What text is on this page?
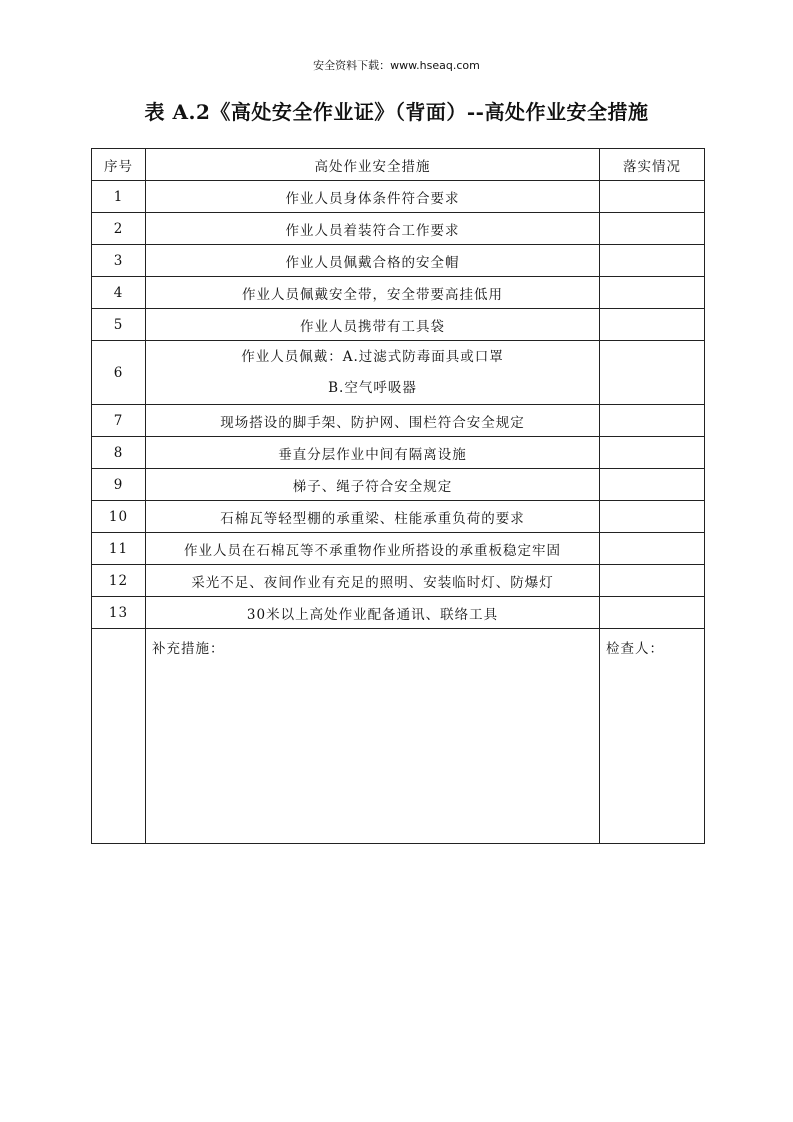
安全资料下载：www.hseaq.com
表 A.2《高处安全作业证》（背面）--高处作业安全措施
序号	高处作业安全措施	落实情况
1	作业人员身体条件符合要求	
2	作业人员着装符合工作要求	
3	作业人员佩戴合格的安全帽	
4	作业人员佩戴安全带，安全带要高挂低用	
5	作业人员携带有工具袋	
6	作业人员佩戴：A.过滤式防毒面具或口罩
B.空气呼吸器	

7	现场搭设的脚手架、防护网、围栏符合安全规定	
8	垂直分层作业中间有隔离设施	
9	梯子、绳子符合安全规定	
10	石棉瓦等轻型棚的承重梁、柱能承重负荷的要求	
11	作业人员在石棉瓦等不承重物作业所搭设的承重板稳定牢固	
12	采光不足、夜间作业有充足的照明、安装临时灯、防爆灯	
13	30米以上高处作业配备通讯、联络工具	

	补充措施：	检查人：
